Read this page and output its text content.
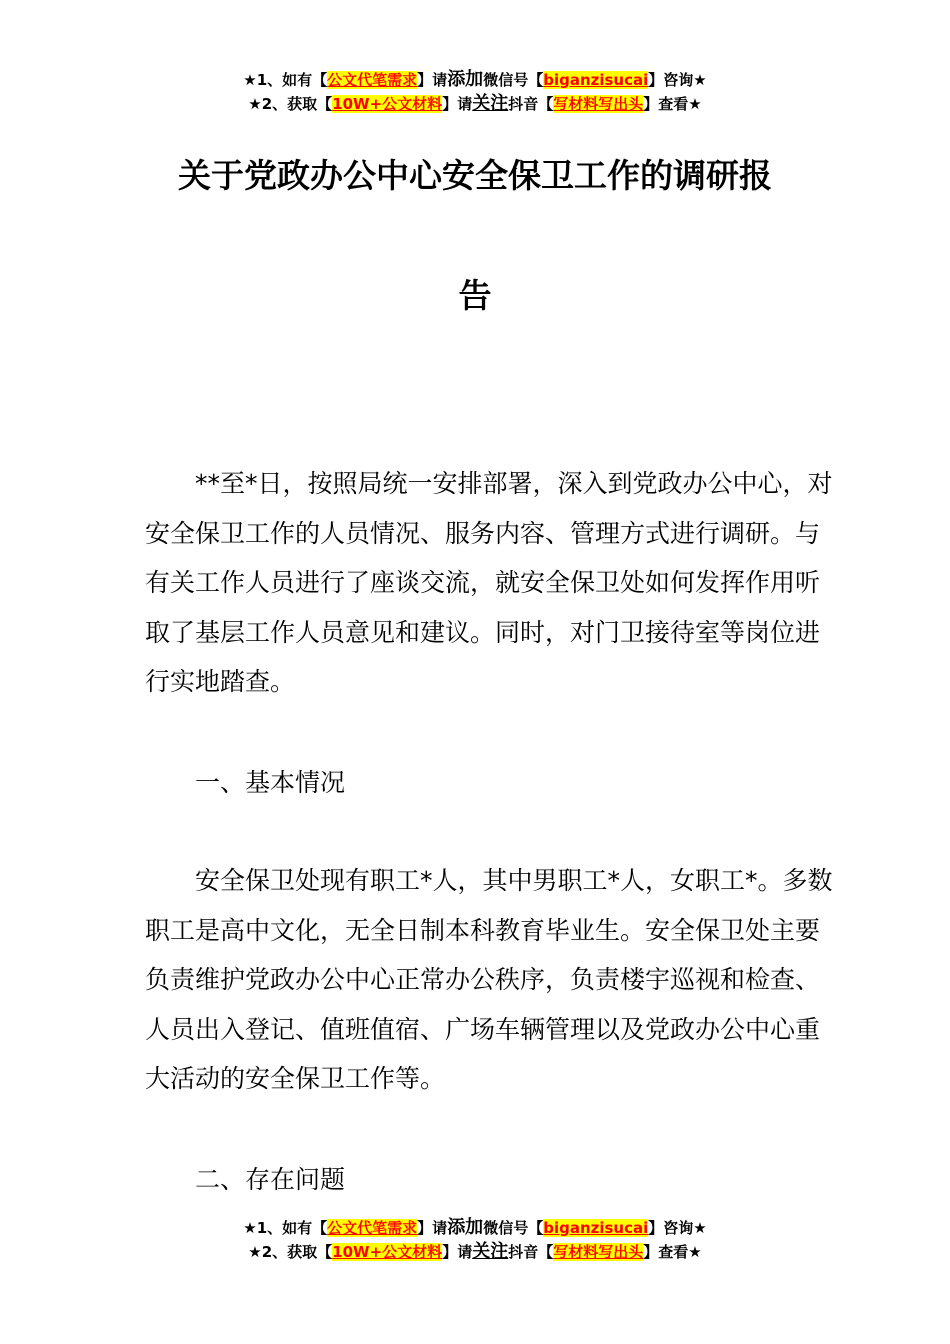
★1、如有【公文代笔需求】请添加微信号【biganzisucai】咨询★
★2、获取【10W+公文材料】请关注抖音【写材料写出头】查看★
关于党政办公中心安全保卫工作的调研报
告

**至*日，按照局统一安排部署，深入到党政办公中心，对安全保卫工作的人员情况、服务内容、管理方式进行调研。与有关工作人员进行了座谈交流，就安全保卫处如何发挥作用听取了基层工作人员意见和建议。同时，对门卫接待室等岗位进行实地踏查。

一、基本情况

安全保卫处现有职工*人，其中男职工*人，女职工*。多数职工是高中文化，无全日制本科教育毕业生。安全保卫处主要负责维护党政办公中心正常办公秩序，负责楼宇巡视和检查、人员出入登记、值班值宿、广场车辆管理以及党政办公中心重大活动的安全保卫工作等。

二、存在问题

★1、如有【公文代笔需求】请添加微信号【biganzisucai】咨询★
★2、获取【10W+公文材料】请关注抖音【写材料写出头】查看★
